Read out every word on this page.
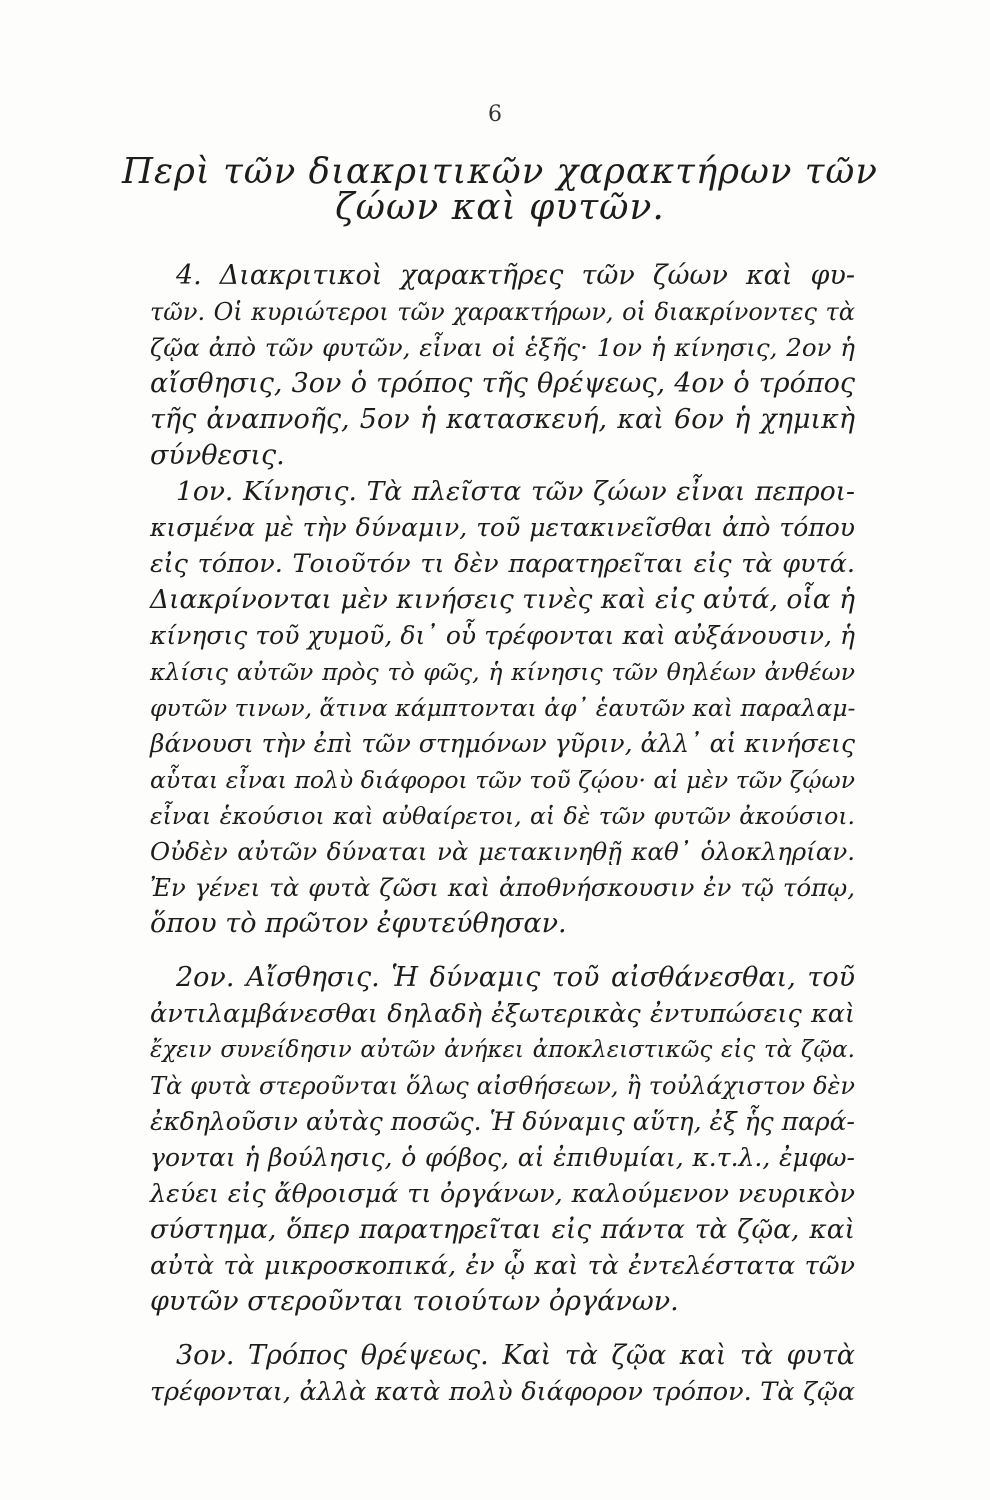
6
Περὶ τῶν διακριτικῶν χαρακτήρων τῶν
ζώων καὶ φυτῶν.
4. Διακριτικοὶ χαρακτῆρες τῶν ζώων καὶ φυ-
τῶν. Οἱ κυριώτεροι τῶν χαρακτήρων, οἱ διακρίνοντες τὰ
ζῷα ἀπὸ τῶν φυτῶν, εἶναι οἱ ἑξῆς· 1ον ἡ κίνησις, 2ον ἡ
αἴσθησις, 3ον ὁ τρόπος τῆς θρέψεως, 4ον ὁ τρόπος
τῆς ἀναπνοῆς, 5ον ἡ κατασκευή, καὶ 6ον ἡ χημικὴ
σύνθεσις.
1ον. Κίνησις. Τὰ πλεῖστα τῶν ζώων εἶναι πεπροι-
κισμένα μὲ τὴν δύναμιν, τοῦ μετακινεῖσθαι ἀπὸ τόπου
εἰς τόπον. Τοιοῦτόν τι δὲν παρατηρεῖται εἰς τὰ φυτά.
Διακρίνονται μὲν κινήσεις τινὲς καὶ εἰς αὐτά, οἷα ἡ
κίνησις τοῦ χυμοῦ, δι᾽ οὗ τρέφονται καὶ αὐξάνουσιν, ἡ
κλίσις αὐτῶν πρὸς τὸ φῶς, ἡ κίνησις τῶν θηλέων ἀνθέων
φυτῶν τινων, ἅτινα κάμπτονται ἀφ᾽ ἑαυτῶν καὶ παραλαμ-
βάνουσι τὴν ἐπὶ τῶν στημόνων γῦριν, ἀλλ᾽ αἱ κινήσεις
αὗται εἶναι πολὺ διάφοροι τῶν τοῦ ζῴου· αἱ μὲν τῶν ζῴων
εἶναι ἑκούσιοι καὶ αὐθαίρετοι, αἱ δὲ τῶν φυτῶν ἀκούσιοι.
Οὐδὲν αὐτῶν δύναται νὰ μετακινηθῇ καθ᾽ ὁλοκληρίαν.
Ἐν γένει τὰ φυτὰ ζῶσι καὶ ἀποθνήσκουσιν ἐν τῷ τόπῳ,
ὅπου τὸ πρῶτον ἐφυτεύθησαν.
2ον. Αἴσθησις. Ἡ δύναμις τοῦ αἰσθάνεσθαι, τοῦ
ἀντιλαμβάνεσθαι δηλαδὴ ἐξωτερικὰς ἐντυπώσεις καὶ
ἔχειν συνείδησιν αὐτῶν ἀνήκει ἀποκλειστικῶς εἰς τὰ ζῷα.
Τὰ φυτὰ στεροῦνται ὅλως αἰσθήσεων, ἢ τοὐλάχιστον δὲν
ἐκδηλοῦσιν αὐτὰς ποσῶς. Ἡ δύναμις αὕτη, ἐξ ἧς παρά-
γονται ἡ βούλησις, ὁ φόβος, αἱ ἐπιθυμίαι, κ.τ.λ., ἐμφω-
λεύει εἰς ἄθροισμά τι ὀργάνων, καλούμενον νευρικὸν
σύστημα, ὅπερ παρατηρεῖται εἰς πάντα τὰ ζῷα, καὶ
αὐτὰ τὰ μικροσκοπικά, ἐν ᾧ καὶ τὰ ἐντελέστατα τῶν
φυτῶν στεροῦνται τοιούτων ὀργάνων.
3ον. Τρόπος θρέψεως. Καὶ τὰ ζῷα καὶ τὰ φυτὰ
τρέφονται, ἀλλὰ κατὰ πολὺ διάφορον τρόπον. Τὰ ζῷα
